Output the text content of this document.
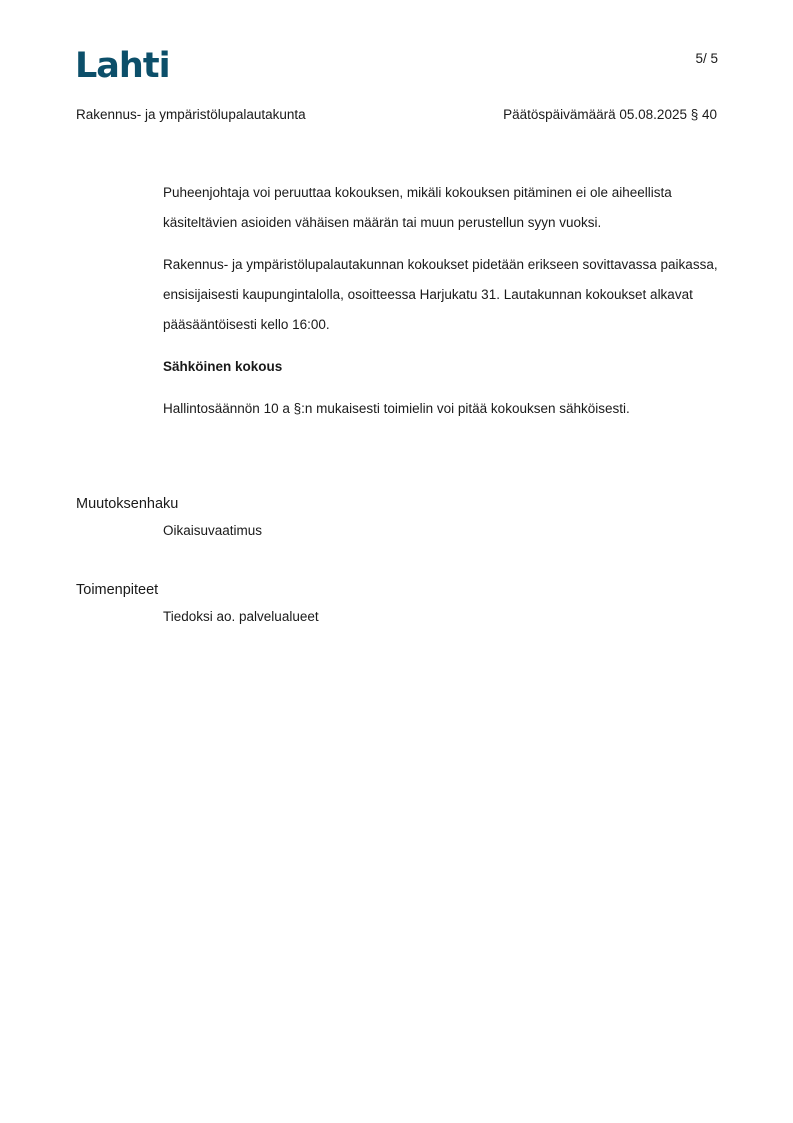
Lahti	5/ 5
Rakennus- ja ympäristölupalautakunta	Päätöspäivämäärä 05.08.2025 § 40

Puheenjohtaja voi peruuttaa kokouksen, mikäli kokouksen pitäminen ei ole aiheellista käsiteltävien asioiden vähäisen määrän tai muun perustellun syyn vuoksi.

Rakennus- ja ympäristölupalautakunnan kokoukset pidetään erikseen sovittavassa paikassa, ensisijaisesti kaupungintalolla, osoitteessa Harjukatu 31. Lautakunnan kokoukset alkavat pääsääntöisesti kello 16:00.

Sähköinen kokous

Hallintosäännön 10 a §:n mukaisesti toimielin voi pitää kokouksen sähköisesti.

Muutoksenhaku
Oikaisuvaatimus
Toimenpiteet
Tiedoksi ao. palvelualueet
